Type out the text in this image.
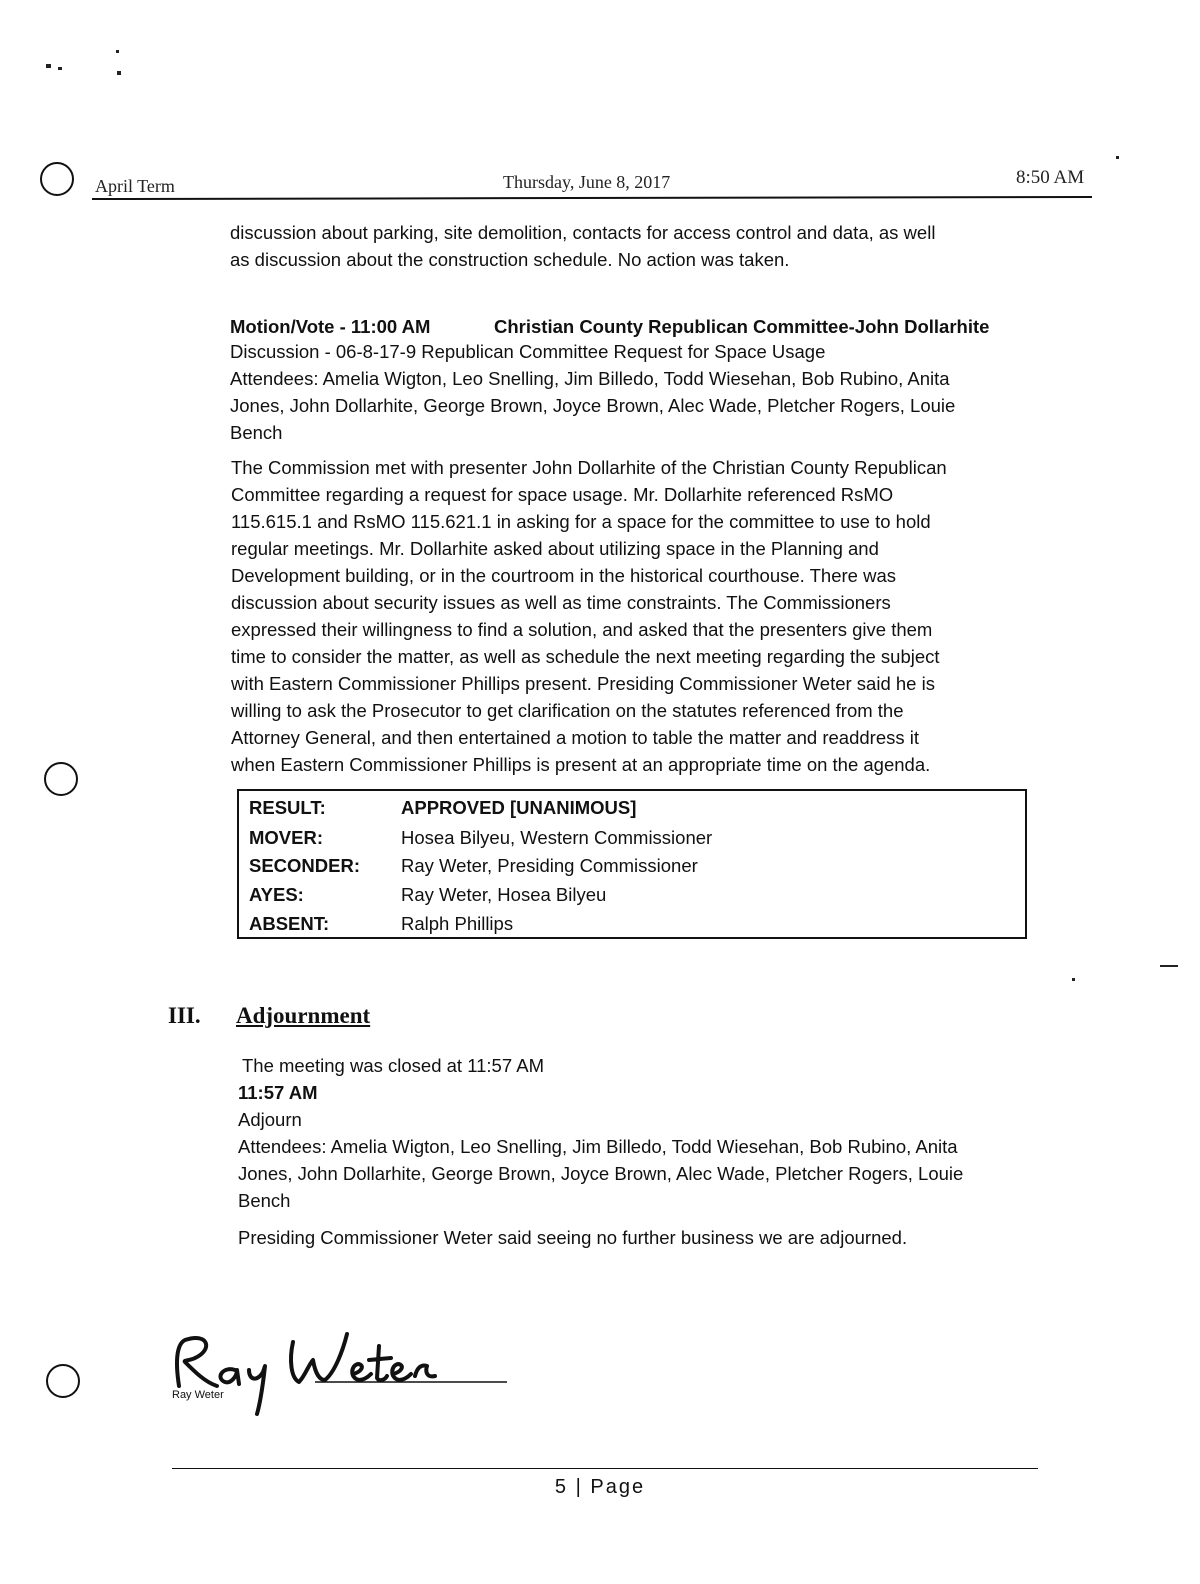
April Term	Thursday, June 8, 2017	8:50 AM
discussion about parking, site demolition, contacts for access control and data, as well
as discussion about the construction schedule. No action was taken.
Motion/Vote - 11:00 AM	Christian County Republican Committee-John Dollarhite
Discussion - 06-8-17-9 Republican Committee Request for Space Usage
Attendees: Amelia Wigton, Leo Snelling, Jim Billedo, Todd Wiesehan, Bob Rubino, Anita
Jones, John Dollarhite, George Brown, Joyce Brown, Alec Wade, Pletcher Rogers, Louie
Bench
The Commission met with presenter John Dollarhite of the Christian County Republican
Committee regarding a request for space usage. Mr. Dollarhite referenced RsMO
115.615.1 and RsMO 115.621.1 in asking for a space for the committee to use to hold
regular meetings. Mr. Dollarhite asked about utilizing space in the Planning and
Development building, or in the courtroom in the historical courthouse. There was
discussion about security issues as well as time constraints. The Commissioners
expressed their willingness to find a solution, and asked that the presenters give them
time to consider the matter, as well as schedule the next meeting regarding the subject
with Eastern Commissioner Phillips present. Presiding Commissioner Weter said he is
willing to ask the Prosecutor to get clarification on the statutes referenced from the
Attorney General, and then entertained a motion to table the matter and readdress it
when Eastern Commissioner Phillips is present at an appropriate time on the agenda.
RESULT:	APPROVED [UNANIMOUS]
MOVER:	Hosea Bilyeu, Western Commissioner
SECONDER: Ray Weter, Presiding Commissioner
AYES:	Ray Weter, Hosea Bilyeu
ABSENT:	Ralph Phillips
III. Adjournment
The meeting was closed at 11:57 AM
11:57 AM
Adjourn
Attendees: Amelia Wigton, Leo Snelling, Jim Billedo, Todd Wiesehan, Bob Rubino, Anita
Jones, John Dollarhite, George Brown, Joyce Brown, Alec Wade, Pletcher Rogers, Louie
Bench
Presiding Commissioner Weter said seeing no further business we are adjourned.
Ray Weter
5 | Page
